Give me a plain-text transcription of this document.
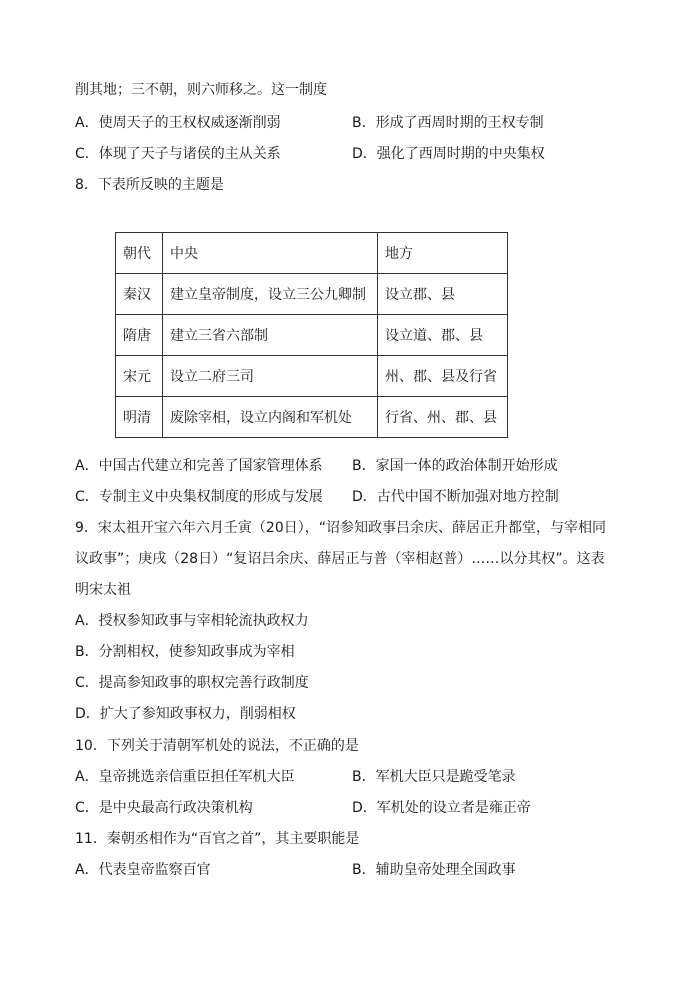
削其地；三不朝，则六师移之。这一制度
A．使周天子的王权权威逐渐削弱	B．形成了西周时期的王权专制
C．体现了天子与诸侯的主从关系	D．强化了西周时期的中央集权
8．下表所反映的主题是
朝代	中央	地方
秦汉	建立皇帝制度，设立三公九卿制	设立郡、县
隋唐	建立三省六部制	设立道、郡、县
宋元	设立二府三司	州、郡、县及行省
明清	废除宰相，设立内阁和军机处	行省、州、郡、县
A．中国古代建立和完善了国家管理体系 B．家国一体的政治体制开始形成
C．专制主义中央集权制度的形成与发展 D．古代中国不断加强对地方控制
9．宋太祖开宝六年六月壬寅（20日），“诏参知政事吕余庆、薛居正升都堂，与宰相同
议政事”；庚戌（28日）“复诏吕余庆、薛居正与普（宰相赵普）……以分其权”。这表
明宋太祖
A．授权参知政事与宰相轮流执政权力
B．分割相权，使参知政事成为宰相
C．提高参知政事的职权完善行政制度
D．扩大了参知政事权力，削弱相权
10．下列关于清朝军机处的说法，不正确的是
A．皇帝挑选亲信重臣担任军机大臣	B．军机大臣只是跪受笔录
C．是中央最高行政决策机构	D．军机处的设立者是雍正帝
11．秦朝丞相作为“百官之首”，其主要职能是
A．代表皇帝监察百官	B．辅助皇帝处理全国政事
